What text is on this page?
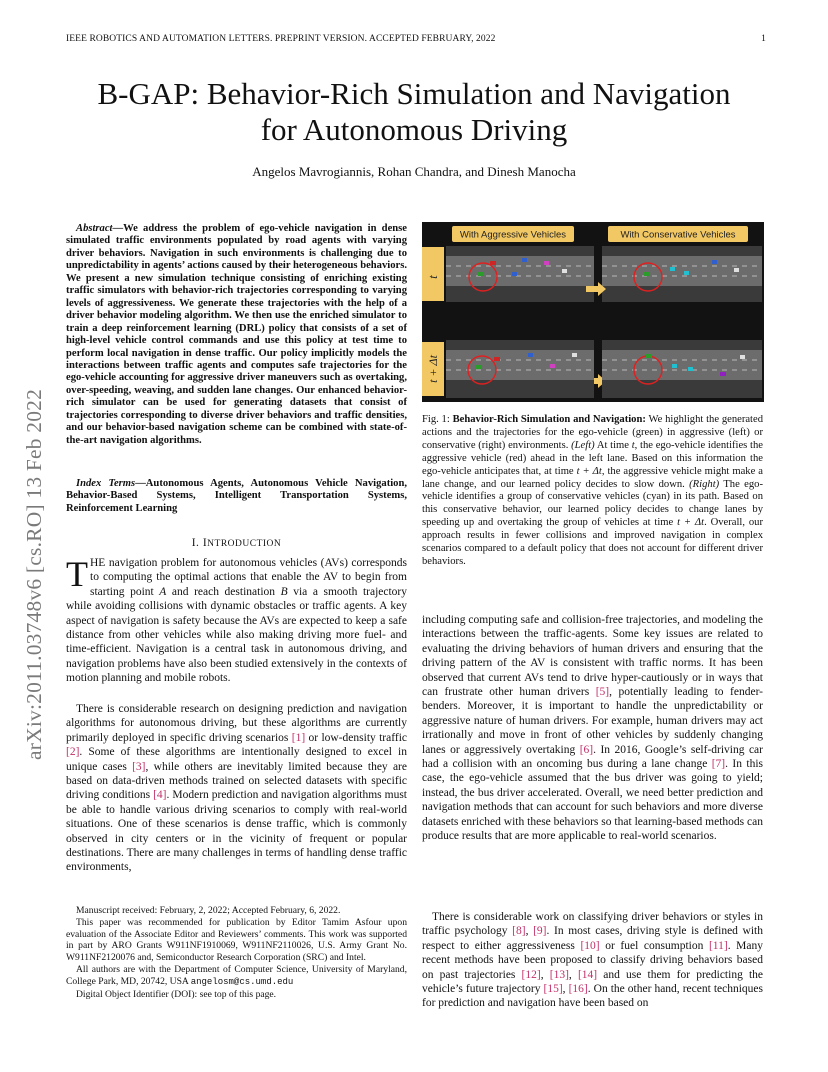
IEEE ROBOTICS AND AUTOMATION LETTERS. PREPRINT VERSION. ACCEPTED FEBRUARY, 2022	1
B-GAP: Behavior-Rich Simulation and Navigation
for Autonomous Driving
Angelos Mavrogiannis, Rohan Chandra, and Dinesh Manocha
arXiv:2011.03748v6 [cs.RO] 13 Feb 2022
Abstract—We address the problem of ego-vehicle navigation in dense simulated traffic environments populated by road agents with varying driver behaviors. Navigation in such environments is challenging due to unpredictability in agents’ actions caused by their heterogeneous behaviors. We present a new simulation technique consisting of enriching existing traffic simulators with behavior-rich trajectories corresponding to varying levels of aggressiveness. We generate these trajectories with the help of a driver behavior modeling algorithm. We then use the enriched simulator to train a deep reinforcement learning (DRL) policy that consists of a set of high-level vehicle control commands and use this policy at test time to perform local navigation in dense traffic. Our policy implicitly models the interactions between traffic agents and computes safe trajectories for the ego-vehicle accounting for aggressive driver maneuvers such as overtaking, over-speeding, weaving, and sudden lane changes. Our enhanced behavior-rich simulator can be used for generating datasets that consist of trajectories corresponding to diverse driver behaviors and traffic densities, and our behavior-based navigation scheme can be combined with state-of-the-art navigation algorithms.
Index Terms—Autonomous Agents, Autonomous Vehicle Navigation, Behavior-Based Systems, Intelligent Transportation Systems, Reinforcement Learning
I. INTRODUCTION
THE navigation problem for autonomous vehicles (AVs) corresponds to computing the optimal actions that enable the AV to begin from starting point A and reach destination B via a smooth trajectory while avoiding collisions with dynamic obstacles or traffic agents. A key aspect of navigation is safety because the AVs are expected to keep a safe distance from other vehicles while also making driving more fuel- and time-efficient. Navigation is a central task in autonomous driving, and navigation problems have also been studied extensively in the contexts of motion planning and mobile robots.
There is considerable research on designing prediction and navigation algorithms for autonomous driving, but these algorithms are currently primarily deployed in specific driving scenarios [1] or low-density traffic [2]. Some of these algorithms are intentionally designed to excel in unique cases [3], while others are inevitably limited because they are based on data-driven methods trained on selected datasets with specific driving conditions [4]. Modern prediction and navigation algorithms must be able to handle various driving scenarios to comply with real-world situations. One of these scenarios is dense traffic, which is commonly observed in city centers or in the vicinity of frequent or popular destinations. There are many challenges in terms of handling dense traffic environments,

Manuscript received: February, 2, 2022; Accepted February, 6, 2022.

This paper was recommended for publication by Editor Tamim Asfour upon evaluation of the Associate Editor and Reviewers’ comments. This work was supported in part by ARO Grants W911NF1910069, W911NF2110026, U.S. Army Grant No. W911NF2120076 and, Semiconductor Research Corporation (SRC) and Intel.

All authors are with the Department of Computer Science, University of Maryland, College Park, MD, 20742, USA angelosm@cs.umd.edu

Digital Object Identifier (DOI): see top of this page.

With Aggressive Vehicles	With Conservative Vehicles
t
t + Δt
Fig. 1: Behavior-Rich Simulation and Navigation: We highlight the generated actions and the trajectories for the ego-vehicle (green) in aggressive (left) or conservative (right) environments. (Left) At time t, the ego-vehicle identifies the aggressive vehicle (red) ahead in the left lane. Based on this information the ego-vehicle anticipates that, at time t + Δt, the aggressive vehicle might make a lane change, and our learned policy decides to slow down. (Right) The ego-vehicle identifies a group of conservative vehicles (cyan) in its path. Based on this conservative behavior, our learned policy decides to change lanes by speeding up and overtaking the group of vehicles at time t + Δt. Overall, our approach results in fewer collisions and improved navigation in complex scenarios compared to a default policy that does not account for different driver behaviors.
including computing safe and collision-free trajectories, and modeling the interactions between the traffic-agents. Some key issues are related to evaluating the driving behaviors of human drivers and ensuring that the driving pattern of the AV is consistent with traffic norms. It has been observed that current AVs tend to drive hyper-cautiously or in ways that can frustrate other human drivers [5], potentially leading to fender-benders. Moreover, it is important to handle the unpredictability or aggressive nature of human drivers. For example, human drivers may act irrationally and move in front of other vehicles by suddenly changing lanes or aggressively overtaking [6]. In 2016, Google’s self-driving car had a collision with an oncoming bus during a lane change [7]. In this case, the ego-vehicle assumed that the bus driver was going to yield; instead, the bus driver accelerated. Overall, we need better prediction and navigation methods that can account for such behaviors and more diverse datasets enriched with these behaviors so that learning-based methods can produce results that are more applicable to real-world scenarios.
There is considerable work on classifying driver behaviors or styles in traffic psychology [8], [9]. In most cases, driving style is defined with respect to either aggressiveness [10] or fuel consumption [11]. Many recent methods have been proposed to classify driving behaviors based on past trajectories [12], [13], [14] and use them for predicting the vehicle’s future trajectory [15], [16]. On the other hand, recent techniques for prediction and navigation have been based on
